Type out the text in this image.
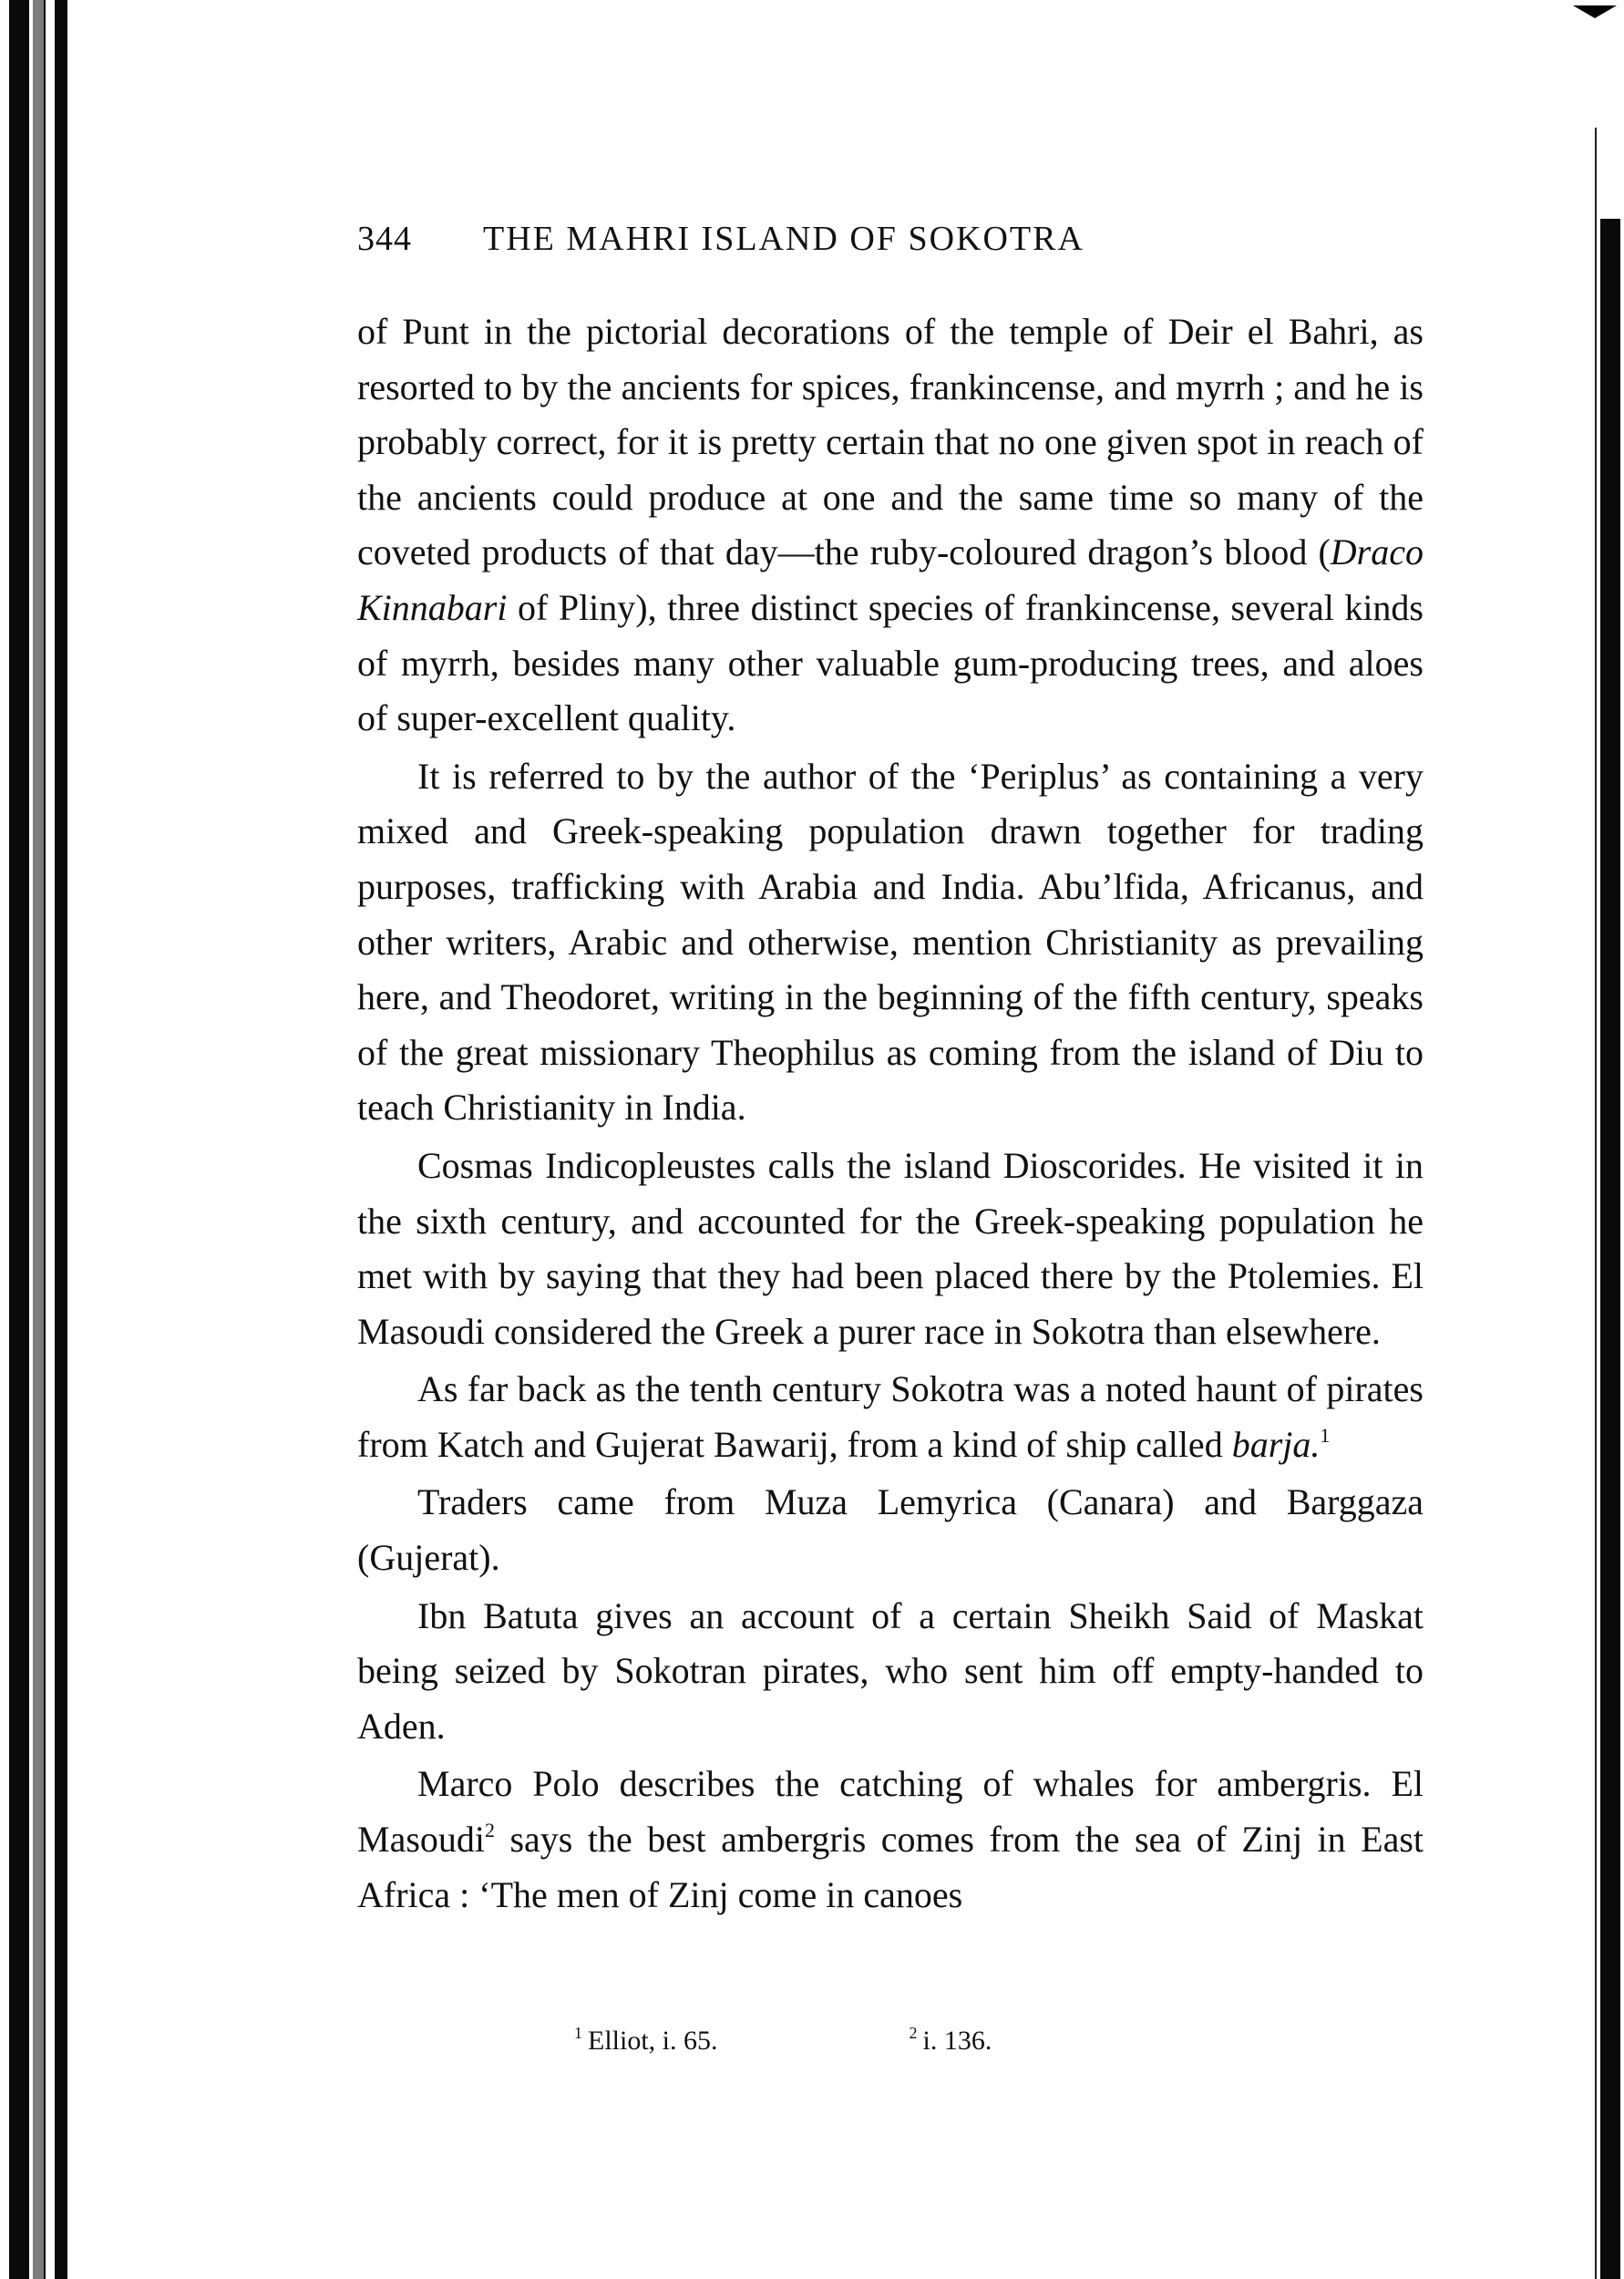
344	THE MAHRI ISLAND OF SOKOTRA

of Punt in the pictorial decorations of the temple of Deir el Bahri, as resorted to by the ancients for spices, frankincense, and myrrh ; and he is probably correct, for it is pretty certain that no one given spot in reach of the ancients could produce at one and the same time so many of the coveted products of that day—the ruby-coloured dragon’s blood (Draco Kinnabari of Pliny), three distinct species of frankincense, several kinds of myrrh, besides many other valuable gum-producing trees, and aloes of super-excellent quality.

It is referred to by the author of the ‘Periplus’ as containing a very mixed and Greek-speaking population drawn together for trading purposes, trafficking with Arabia and India. Abu’lfida, Africanus, and other writers, Arabic and otherwise, mention Christianity as prevailing here, and Theodoret, writing in the beginning of the fifth century, speaks of the great missionary Theophilus as coming from the island of Diu to teach Christianity in India.

Cosmas Indicopleustes calls the island Dioscorides. He visited it in the sixth century, and accounted for the Greek-speaking population he met with by saying that they had been placed there by the Ptolemies. El Masoudi considered the Greek a purer race in Sokotra than elsewhere.

As far back as the tenth century Sokotra was a noted haunt of pirates from Katch and Gujerat Bawarij, from a kind of ship called barja.$^1$

Traders came from Muza Lemyrica (Canara) and Barggaza (Gujerat).

Ibn Batuta gives an account of a certain Sheikh Said of Maskat being seized by Sokotran pirates, who sent him off empty-handed to Aden.

Marco Polo describes the catching of whales for ambergris. El Masoudi$^2$ says the best ambergris comes from the sea of Zinj in East Africa : ‘The men of Zinj come in canoes

$^1$ Elliot, i. 65.	$^2$ i. 136.
